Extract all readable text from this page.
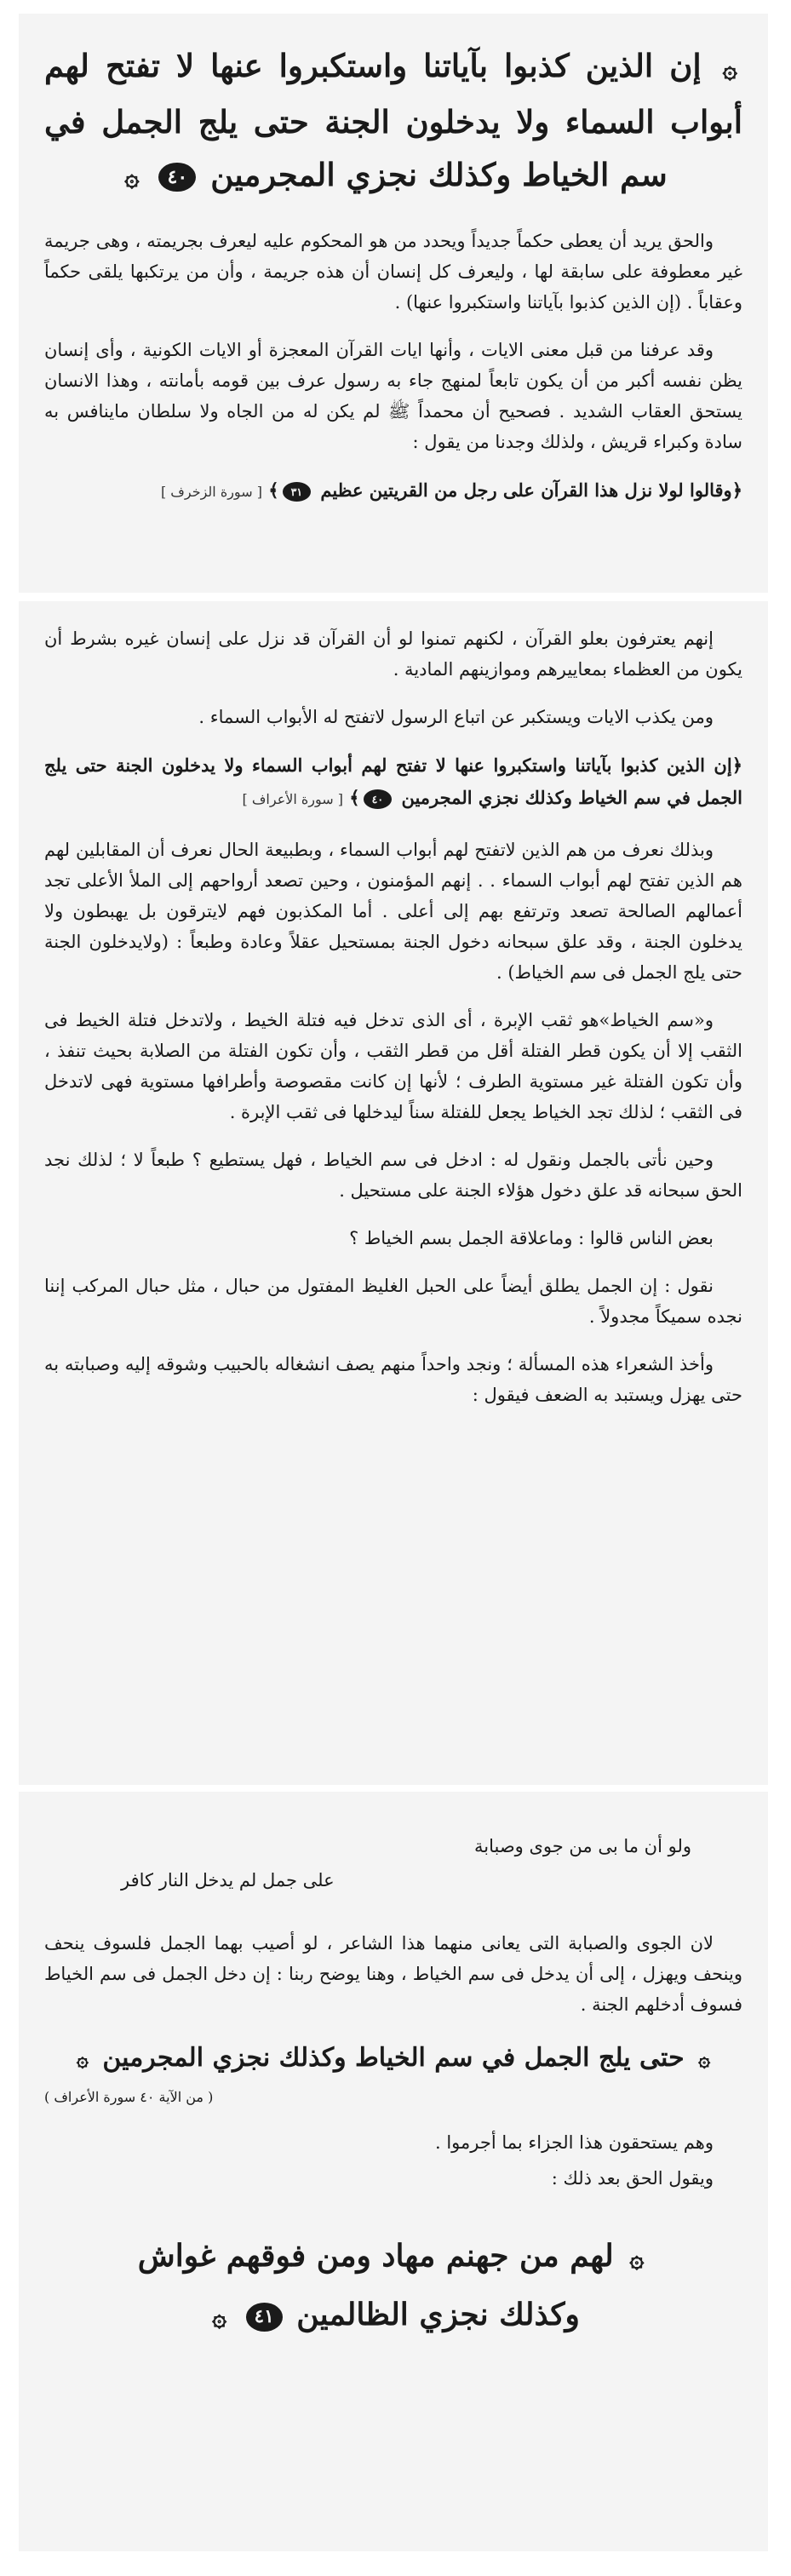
۞ إن الذين كذبوا بآياتنا واستكبروا عنها لا تفتح لهم أبواب السماء ولا يدخلون الجنة حتى يلج الجمل في سم الخياط وكذلك نجزي المجرمين ٤٠ ۞

والحق يريد أن يعطى حكماً جديداً ويحدد من هو المحكوم عليه ليعرف بجريمته ، وهى جريمة غير معطوفة على سابقة لها ، وليعرف كل إنسان أن هذه جريمة ، وأن من يرتكبها يلقى حكماً وعقاباً . (إن الذين كذبوا بآياتنا واستكبروا عنها) .

وقد عرفنا من قبل معنى الايات ، وأنها ايات القرآن المعجزة أو الايات الكونية ، وأى إنسان يظن نفسه أكبر من أن يكون تابعاً لمنهج جاء به رسول عرف بين قومه بأمانته ، وهذا الانسان يستحق العقاب الشديد . فصحيح أن محمداً ﷺ لم يكن له من الجاه ولا سلطان ماينافس به سادة وكبراء قريش ، ولذلك وجدنا من يقول :

﴿وقالوا لولا نزل هذا القرآن على رجل من القريتين عظيم ٣١﴾ [ سورة الزخرف ]

إنهم يعترفون بعلو القرآن ، لكنهم تمنوا لو أن القرآن قد نزل على إنسان غيره بشرط أن يكون من العظماء بمعاييرهم وموازينهم المادية .

ومن يكذب الايات ويستكبر عن اتباع الرسول لاتفتح له الأبواب السماء .

﴿إن الذين كذبوا بآياتنا واستكبروا عنها لا تفتح لهم أبواب السماء ولا يدخلون الجنة حتى يلج الجمل في سم الخياط وكذلك نجزي المجرمين ٤٠﴾ [ سورة الأعراف ]

وبذلك نعرف من هم الذين لاتفتح لهم أبواب السماء ، وبطبيعة الحال نعرف أن المقابلين لهم هم الذين تفتح لهم أبواب السماء . . إنهم المؤمنون ، وحين تصعد أرواحهم إلى الملأ الأعلى تجد أعمالهم الصالحة تصعد وترتفع بهم إلى أعلى . أما المكذبون فهم لايترقون بل يهبطون ولا يدخلون الجنة ، وقد علق سبحانه دخول الجنة بمستحيل عقلاً وعادة وطبعاً : (ولايدخلون الجنة حتى يلج الجمل فى سم الخياط) .

و«سم الخياط»هو ثقب الإبرة ، أى الذى تدخل فيه فتلة الخيط ، ولاتدخل فتلة الخيط فى الثقب إلا أن يكون قطر الفتلة أقل من قطر الثقب ، وأن تكون الفتلة من الصلابة بحيث تنفذ ، وأن تكون الفتلة غير مستوية الطرف ؛ لأنها إن كانت مقصوصة وأطرافها مستوية فهى لاتدخل فى الثقب ؛ لذلك تجد الخياط يجعل للفتلة سناً ليدخلها فى ثقب الإبرة .

وحين نأتى بالجمل ونقول له : ادخل فى سم الخياط ، فهل يستطيع ؟ طبعاً لا ؛ لذلك نجد الحق سبحانه قد علق دخول هؤلاء الجنة على مستحيل .

بعض الناس قالوا : وماعلاقة الجمل بسم الخياط ؟

نقول : إن الجمل يطلق أيضاً على الحبل الغليظ المفتول من حبال ، مثل حبال المركب إننا نجده سميكاً مجدولاً .

وأخذ الشعراء هذه المسألة ؛ ونجد واحداً منهم يصف انشغاله بالحبيب وشوقه إليه وصبابته به حتى يهزل ويستبد به الضعف فيقول :

ولو أن ما بى من جوى وصبابة
على جمل لم يدخل النار كافر

لان الجوى والصبابة التى يعانى منهما هذا الشاعر ، لو أصيب بهما الجمل فلسوف ينحف وينحف ويهزل ، إلى أن يدخل فى سم الخياط ، وهنا يوضح ربنا : إن دخل الجمل فى سم الخياط فسوف أدخلهم الجنة .

۞ حتى يلج الجمل في سم الخياط وكذلك نجزي المجرمين ۞
( من الآية ٤٠ سورة الأعراف )

وهم يستحقون هذا الجزاء بما أجرموا .

ويقول الحق بعد ذلك :

۞ لهم من جهنم مهاد ومن فوقهم غواش
وكذلك نجزي الظالمين ٤١ ۞
